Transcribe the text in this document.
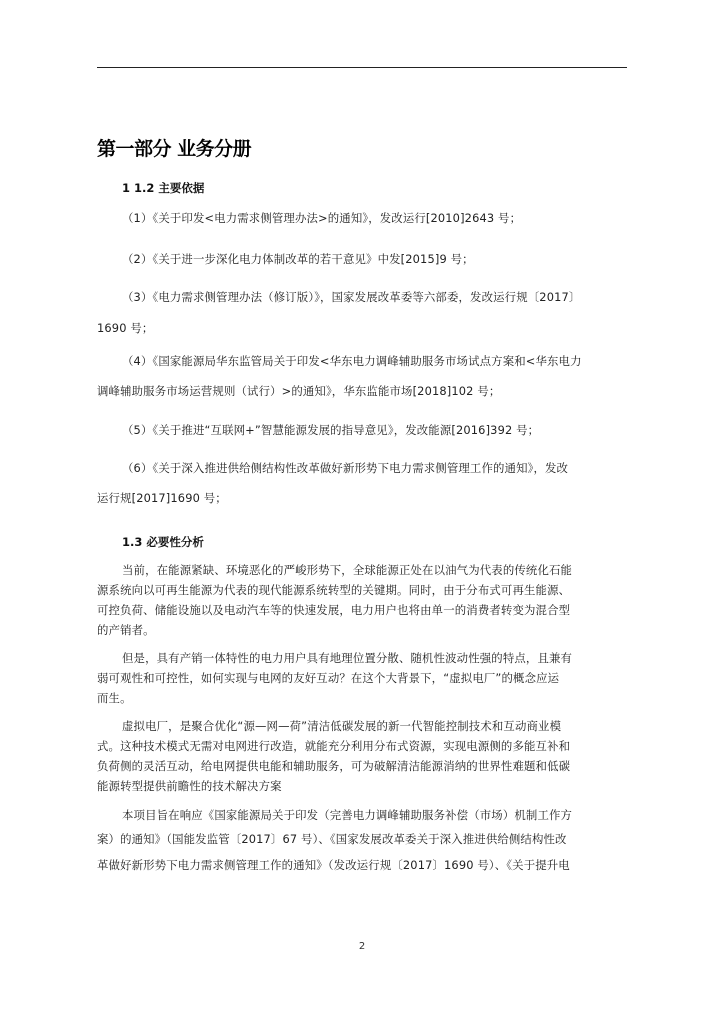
第一部分 业务分册
1 1.2 主要依据
（1）《关于印发<电力需求侧管理办法>的通知》，发改运行[2010]2643 号；
（2）《关于进一步深化电力体制改革的若干意见》中发[2015]9 号；
（3）《电力需求侧管理办法（修订版）》，国家发展改革委等六部委，发改运行规〔2017〕
1690 号；
（4）《国家能源局华东监管局关于印发<华东电力调峰辅助服务市场试点方案和<华东电力
调峰辅助服务市场运营规则（试行）>的通知》，华东监能市场[2018]102 号；
（5）《关于推进“互联网+”智慧能源发展的指导意见》，发改能源[2016]392 号；
（6）《关于深入推进供给侧结构性改革做好新形势下电力需求侧管理工作的通知》，发改
运行规[2017]1690 号；
1.3 必要性分析
当前，在能源紧缺、环境恶化的严峻形势下，全球能源正处在以油气为代表的传统化石能
源系统向以可再生能源为代表的现代能源系统转型的关键期。同时，由于分布式可再生能源、
可控负荷、储能设施以及电动汽车等的快速发展，电力用户也将由单一的消费者转变为混合型
的产销者。
但是，具有产销一体特性的电力用户具有地理位置分散、随机性波动性强的特点，且兼有
弱可观性和可控性，如何实现与电网的友好互动？在这个大背景下，“虚拟电厂”的概念应运
而生。
虚拟电厂，是聚合优化“源—网—荷”清洁低碳发展的新一代智能控制技术和互动商业模
式。这种技术模式无需对电网进行改造，就能充分利用分布式资源，实现电源侧的多能互补和
负荷侧的灵活互动，给电网提供电能和辅助服务，可为破解清洁能源消纳的世界性难题和低碳
能源转型提供前瞻性的技术解决方案
本项目旨在响应《国家能源局关于印发（完善电力调峰辅助服务补偿（市场）机制工作方
案）的通知》（国能发监管〔2017〕67 号）、《国家发展改革委关于深入推进供给侧结构性改
革做好新形势下电力需求侧管理工作的通知》（发改运行规〔2017〕1690 号）、《关于提升电
2
